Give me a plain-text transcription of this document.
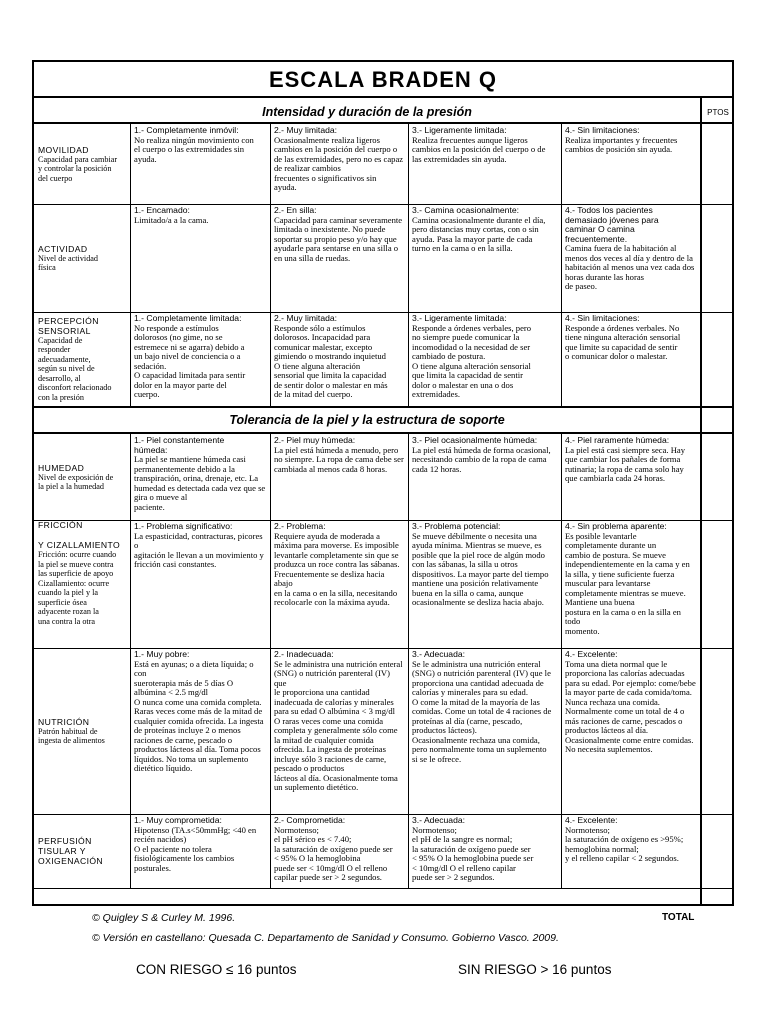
ESCALA BRADEN Q
Intensidad y duración de la presión	PTOS
Tolerancia de la piel y la estructura de soporte
MOVILIDAD
Capacidad para cambiar
y controlar la posición
del cuerpo
1.- Completamente inmóvil:
No realiza ningún movimiento con
el cuerpo o las extremidades sin
ayuda.
2.- Muy limitada:
Ocasionalmente realiza ligeros
cambios en la posición del cuerpo o
de las extremidades, pero no es capaz
de realizar cambios
frecuentes o significativos sin
ayuda.
3.- Ligeramente limitada:
Realiza frecuentes aunque ligeros
cambios en la posición del cuerpo o de
las extremidades sin ayuda.
4.- Sin limitaciones:
Realiza importantes y frecuentes
cambios de posición sin ayuda.
ACTIVIDAD
Nivel de actividad
física
1.- Encamado:
Limitado/a a la cama.
2.- En silla:
Capacidad para caminar severamente
limitada o inexistente. No puede
soportar su propio peso y/o hay que
ayudarle para sentarse en una silla o
en una silla de ruedas.
3.- Camina ocasionalmente:
Camina ocasionalmente durante el día,
pero distancias muy cortas, con o sin
ayuda. Pasa la mayor parte de cada
turno en la cama o en la silla.
4.- Todos los pacientes
demasiado jóvenes para
caminar O camina
frecuentemente.
Camina fuera de la habitación al
menos dos veces al día y dentro de la
habitación al menos una vez cada dos
horas durante las horas
de paseo.
PERCEPCIÓN
SENSORIAL
Capacidad de
responder
adecuadamente,
según su nivel de
desarrollo, al
disconfort relacionado
con la presión
1.- Completamente limitada:
No responde a estímulos
dolorosos (no gime, no se
estremece ni se agarra) debido a
un bajo nivel de conciencia o a
sedación.
O capacidad limitada para sentir
dolor en la mayor parte del
cuerpo.
2.- Muy limitada:
Responde sólo a estímulos
dolorosos. Incapacidad para
comunicar malestar, excepto
gimiendo o mostrando inquietud
O tiene alguna alteración
sensorial que limita la capacidad
de sentir dolor o malestar en más
de la mitad del cuerpo.
3.- Ligeramente limitada:
Responde a órdenes verbales, pero
no siempre puede comunicar la
incomodidad o la necesidad de ser
cambiado de postura.
O tiene alguna alteración sensorial
que limita la capacidad de sentir
dolor o malestar en una o dos
extremidades.
4.- Sin limitaciones:
Responde a órdenes verbales. No
tiene ninguna alteración sensorial
que limite su capacidad de sentir
o comunicar dolor o malestar.
HUMEDAD
Nivel de exposición de
la piel a la humedad
1.- Piel constantemente
húmeda:
La piel se mantiene húmeda casi
permanentemente debido a la
transpiración, orina, drenaje, etc. La
humedad es detectada cada vez que se
gira o mueve al
paciente.
2.- Piel muy húmeda:
La piel está húmeda a menudo, pero
no siempre. La ropa de cama debe ser
cambiada al menos cada 8 horas.
3.- Piel ocasionalmente húmeda:
La piel está húmeda de forma ocasional,
necesitando cambio de la ropa de cama
cada 12 horas.
4.- Piel raramente húmeda:
La piel está casi siempre seca. Hay
que cambiar los pañales de forma
rutinaria; la ropa de cama solo hay
que cambiarla cada 24 horas.
FRICCIÓN

Y CIZALLAMIENTO
Fricción: ocurre cuando
la piel se mueve contra
las superficie de apoyo
Cizallamiento: ocurre
cuando la piel y la
superficie ósea
adyacente rozan la
una contra la otra
1.- Problema significativo:
La espasticidad, contracturas, picores o
agitación le llevan a un movimiento y
fricción casi constantes.
2.- Problema:
Requiere ayuda de moderada a
máxima para moverse. Es imposible
levantarle completamente sin que se
produzca un roce contra las sábanas.
Frecuentemente se desliza hacia abajo
en la cama o en la silla, necesitando
recolocarle con la máxima ayuda.
3.- Problema potencial:
Se mueve débilmente o necesita una
ayuda mínima. Mientras se mueve, es
posible que la piel roce de algún modo
con las sábanas, la silla u otros
dispositivos. La mayor parte del tiempo
mantiene una posición relativamente
buena en la silla o cama, aunque
ocasionalmente se desliza hacia abajo.
4.- Sin problema aparente:
Es posible levantarle
completamente durante un
cambio de postura. Se mueve
independientemente en la cama y en
la silla, y tiene suficiente fuerza
muscular para levantarse
completamente mientras se mueve.
Mantiene una buena
postura en la cama o en la silla en todo
momento.
NUTRICIÓN
Patrón habitual de
ingesta de alimentos
1.- Muy pobre:
Está en ayunas; o a dieta líquida; o con
sueroterapia más de 5 días O
albúmina < 2.5 mg/dl
O nunca come una comida completa.
Raras veces come más de la mitad de
cualquier comida ofrecida. La ingesta
de proteínas incluye 2 o menos
raciones de carne, pescado o
productos lácteos al día. Toma pocos
líquidos. No toma un suplemento
dietético líquido.
2.- Inadecuada:
Se le administra una nutrición enteral
(SNG) o nutrición parenteral (IV) que
le proporciona una cantidad
inadecuada de calorías y minerales
para su edad O albúmina < 3 mg/dl
O raras veces come una comida
completa y generalmente sólo come
la mitad de cualquier comida
ofrecida. La ingesta de proteínas
incluye sólo 3 raciones de carne,
pescado o productos
lácteos al día. Ocasionalmente toma
un suplemento dietético.
3.- Adecuada:
Se le administra una nutrición enteral
(SNG) o nutrición parenteral (IV) que le
proporciona una cantidad adecuada de
calorías y minerales para su edad.
O come la mitad de la mayoría de las
comidas. Come un total de 4 raciones de
proteínas al día (carne, pescado,
productos lácteos).
Ocasionalmente rechaza una comida,
pero normalmente toma un suplemento
si se le ofrece.
4.- Excelente:
Toma una dieta normal que le
proporciona las calorías adecuadas
para su edad. Por ejemplo: come/bebe
la mayor parte de cada comida/toma.
Nunca rechaza una comida.
Normalmente come un total de 4 o
más raciones de carne, pescados o
productos lácteos al día.
Ocasionalmente come entre comidas.
No necesita suplementos.
PERFUSIÓN
TISULAR Y
OXIGENACIÓN
1.- Muy comprometida:
Hipotenso (TA.s<50mmHg; <40 en
recién nacidos)
O el paciente no tolera
fisiológicamente los cambios
posturales.
2.- Comprometida:
Normotenso;
el pH sérico es < 7.40;
la saturación de oxígeno puede ser
< 95% O la hemoglobina
puede ser < 10mg/dl O el relleno
capilar puede ser > 2 segundos.
3.- Adecuada:
Normotenso;
el pH de la sangre es normal;
la saturación de oxígeno puede ser
< 95% O la hemoglobina puede ser
< 10mg/dl O el relleno capilar
puede ser > 2 segundos.
4.- Excelente:
Normotenso;
la saturación de oxígeno es >95%;
hemoglobina normal;
y el relleno capilar < 2 segundos.
© Quigley S & Curley M. 1996.
© Versión en castellano: Quesada C. Departamento de Sanidad y Consumo. Gobierno Vasco. 2009.
TOTAL
CON RIESGO ≤ 16 puntos	SIN RIESGO > 16 puntos
